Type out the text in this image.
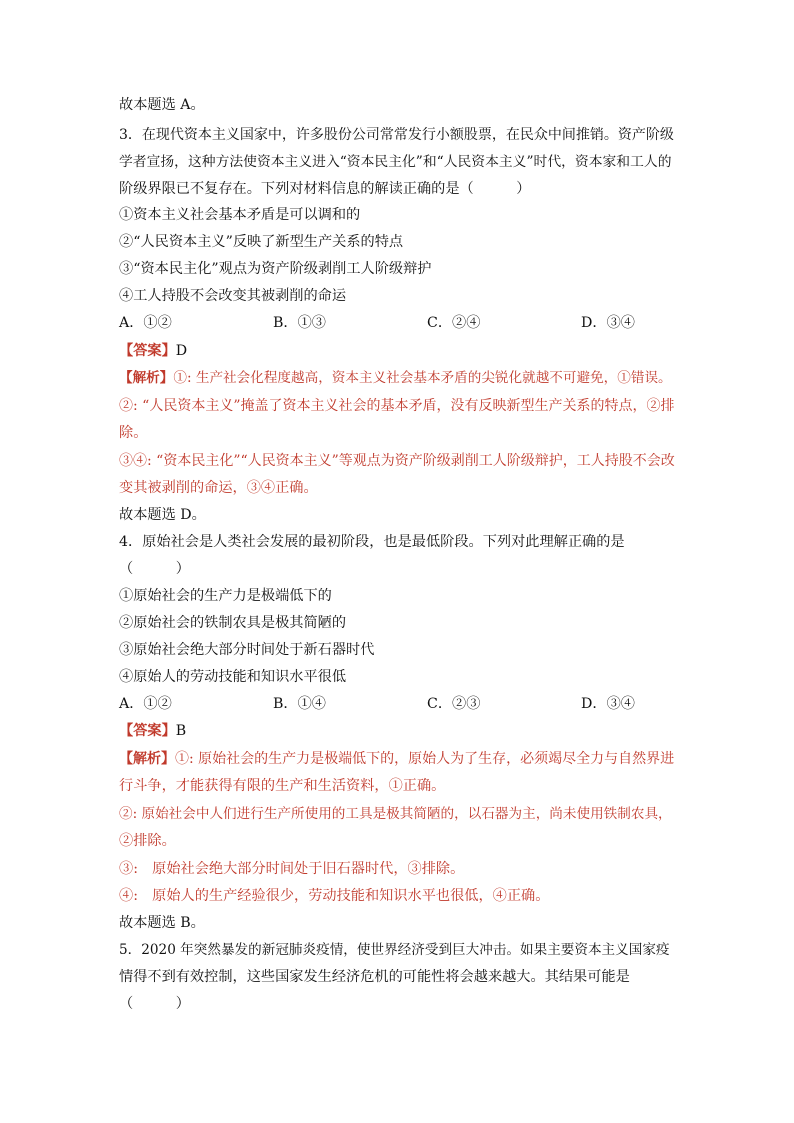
故本题选 A。
3．在现代资本主义国家中，许多股份公司常常发行小额股票，在民众中间推销。资产阶级
学者宣扬，这种方法使资本主义进入“资本民主化”和“人民资本主义”时代，资本家和工人的
阶级界限已不复存在。下列对材料信息的解读正确的是（　　　）
①资本主义社会基本矛盾是可以调和的
②“人民资本主义”反映了新型生产关系的特点
③“资本民主化”观点为资产阶级剥削工人阶级辩护
④工人持股不会改变其被剥削的命运
A．①②	B．①③	C．②④	D．③④
【答案】D
【解析】①: 生产社会化程度越高，资本主义社会基本矛盾的尖锐化就越不可避免，①错误。
②: “人民资本主义”掩盖了资本主义社会的基本矛盾，没有反映新型生产关系的特点，②排
除。
③④: “资本民主化”“人民资本主义”等观点为资产阶级剥削工人阶级辩护，工人持股不会改
变其被剥削的命运，③④正确。
故本题选 D。
4．原始社会是人类社会发展的最初阶段，也是最低阶段。下列对此理解正确的是
（　　　）
①原始社会的生产力是极端低下的
②原始社会的铁制农具是极其简陋的
③原始社会绝大部分时间处于新石器时代
④原始人的劳动技能和知识水平很低
A．①②	B．①④	C．②③	D．③④
【答案】B
【解析】①: 原始社会的生产力是极端低下的，原始人为了生存，必须竭尽全力与自然界进
行斗争，才能获得有限的生产和生活资料，①正确。
②: 原始社会中人们进行生产所使用的工具是极其简陋的，以石器为主，尚未使用铁制农具，
②排除。
③:　原始社会绝大部分时间处于旧石器时代，③排除。
④:　原始人的生产经验很少，劳动技能和知识水平也很低，④正确。
故本题选 B。
5．2020 年突然暴发的新冠肺炎疫情，使世界经济受到巨大冲击。如果主要资本主义国家疫
情得不到有效控制，这些国家发生经济危机的可能性将会越来越大。其结果可能是
（　　　）
